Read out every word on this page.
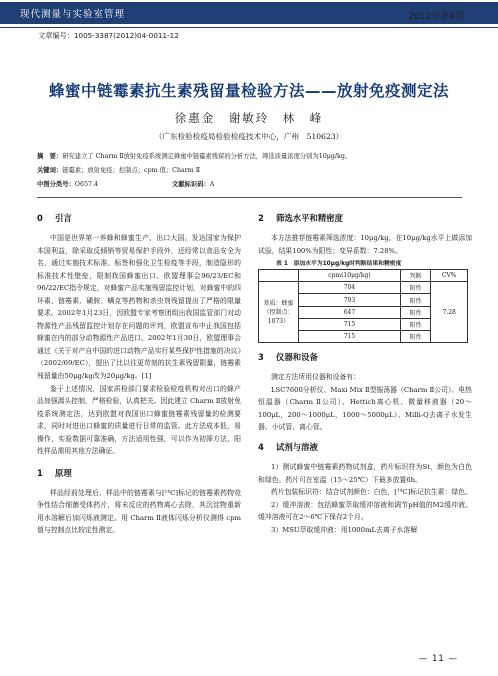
现代测量与实验室管理	2012年第4期
文章编号：1005-3387(2012)04-0011-12
蜂蜜中链霉素抗生素残留量检验方法——放射免疫测定法
徐惠金　谢敏玲　林　峰
（广东检验检疫局检验检疫技术中心，广州　510623）
摘　要：研究建立了 Charm Ⅱ放射免疫系统测定蜂蜜中链霉素残留的分析方法，筛选质量浓度分别为10μg/kg。
关键词：链霉素；放射免疫；控制点；cpm 值；Charm Ⅱ
中图分类号：O657.4	文献标识码：A
0 引言

中国是世界第一养蜂和蜂蜜生产、出口大国。发达国家为保护本国利益，除采取反倾销等贸易保护手段外，还经常以食品安全为名，通过实施技术标准、标签和强化卫生检疫等手段，制造隐形的标准技术性壁垒，限制我国蜂蜜出口。欧盟理事会96/23/EC和96/22/EC指令规定，对蜂蜜产品实施残留监控计划，对蜂蜜中的四环素、链霉素、磺胺、螨克等药物和杀虫剂残留提出了严格的限量要求。2002年1月23日，因欧盟专家考察团组出我国监管部门对动物源性产品残留监控计划存在问题的评判，欧盟宣布中止我国包括蜂蜜在内的部分动物源性产品进口。2002年1月30日，欧盟理事会通过《关于对产自中国的进口动物产品实行某些保护性措施的决议》（2002/69/EC），提出了比以往更苛刻的抗生素残留限量，链霉素残留量由50μg/kg改为20μg/kg。[1]

鉴于上述情况，国家质检部门要求检验检疫机构对出口的蜂产品加强源头控制，严格检验，认真把关。因此建立 Charm Ⅱ放射免疫系统测定法，达到欧盟对我国出口蜂蜜链霉素残留量的检测要求，同时对进出口蜂蜜的质量进行日常的监管。此方法成本低，易操作，实验数据可靠准确，方法适用性强，可以作为初筛方法，阳性样品需用其他方法确证。

1 原理

样品经前处理后，样品中的链霉素与[¹⁴C]标记的链霉素药物竞争性结合细菌受体药片，将未反应的药物离心去除，其沉淀物重新用水溶解后加闪烁液测定。用 Charm Ⅱ液体闪烁分析仪测得 cpm 值与控制点比较定性测定。

2 筛选水平和精密度

本方法推荐链霉素筛选浓度：10μg/kg。在10μg/kg水平上做添加试验，结果100%为阳性；变异系数：7.28%。

表 1　添加水平为10μg/kg时判断结果和精密度
	cpm(10μg/kg)	判断	CV%

基质：蜂蜜
（控制点：
1073）	704	阳性	7.28
	793	阳性	
	647	阳性	
	715	阳性	
	715	阳性	
3 仪器和设备

测定方法所用仪器和设备有：

LSC7600分析仪、Maxi Mix Ⅱ型振荡器（Charm Ⅱ公司）、电热恒温器（Charm Ⅱ公司）、Hettich离心机、微量移液器（20～100μL，200～1000μL，1000～5000μL）、Milli-Q去离子水发生器、小试管、离心管。

4 试剂与溶液

1）测试蜂蜜中链霉素药物试剂盒，药片标识符为St，颜色为白色和绿色。药片可在室温（15～25℃）下最多放置6h。

药片包装标识符：结合试剂颜色：白色，[¹⁴C]标记抗生素：绿色。

2）缓冲溶液：包括蜂蜜萃取缓冲溶液和调节pH值的M2缓冲液。缓冲溶液可在2～6℃下保存2个月。

3）MSU萃取缓冲液：用1000mL去离子水溶解

— 11 —
